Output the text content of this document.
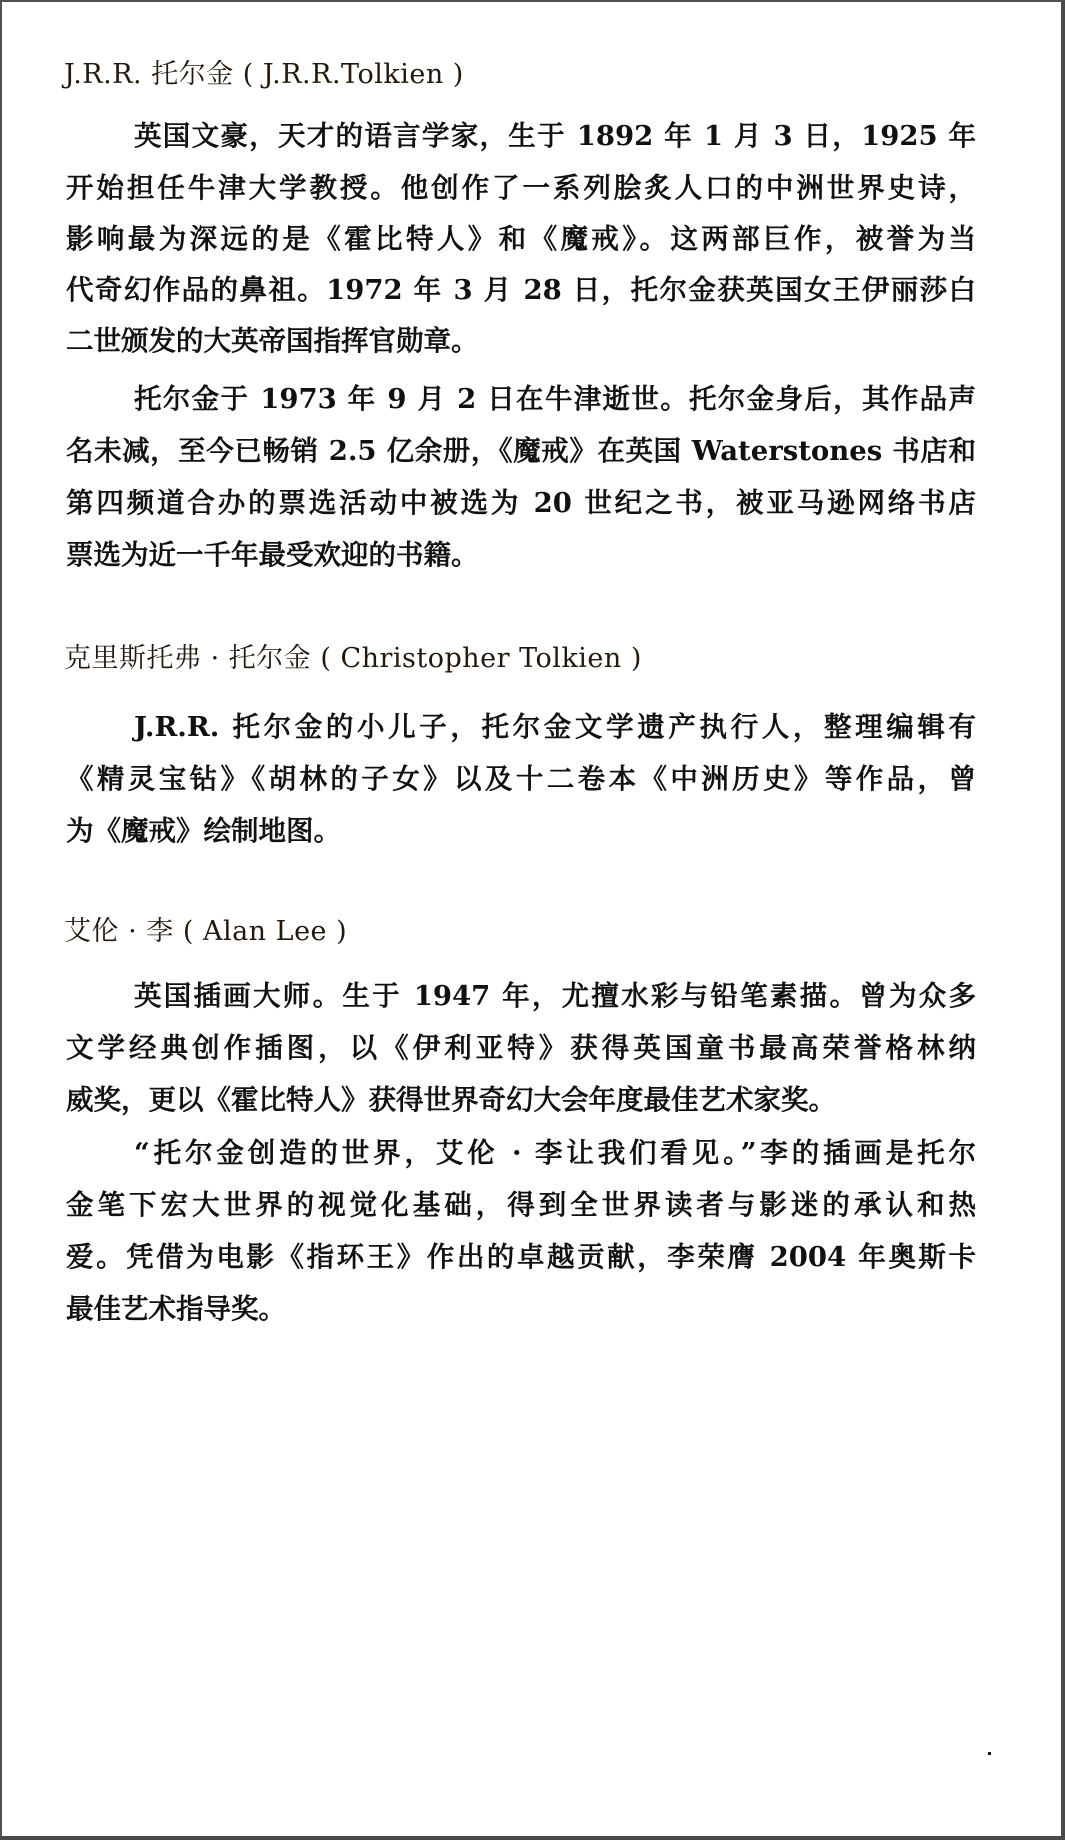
J.R.R. 托尔金 ( J.R.R.Tolkien )
英国文豪，天才的语言学家，生于 1892 年 1 月 3 日，1925 年
开始担任牛津大学教授。他创作了一系列脍炙人口的中洲世界史诗，
影响最为深远的是《霍比特人》和《魔戒》。这两部巨作，被誉为当
代奇幻作品的鼻祖。1972 年 3 月 28 日，托尔金获英国女王伊丽莎白
二世颁发的大英帝国指挥官勋章。
托尔金于 1973 年 9 月 2 日在牛津逝世。托尔金身后，其作品声
名未减，至今已畅销 2.5 亿余册，《魔戒》在英国 Waterstones 书店和
第四频道合办的票选活动中被选为 20 世纪之书，被亚马逊网络书店
票选为近一千年最受欢迎的书籍。
克里斯托弗 · 托尔金 ( Christopher Tolkien )
J.R.R. 托尔金的小儿子，托尔金文学遗产执行人，整理编辑有
《精灵宝钻》《胡林的子女》以及十二卷本《中洲历史》等作品，曾
为《魔戒》绘制地图。
艾伦 · 李 ( Alan Lee )
英国插画大师。生于 1947 年，尤擅水彩与铅笔素描。曾为众多
文学经典创作插图，以《伊利亚特》获得英国童书最高荣誉格林纳
威奖，更以《霍比特人》获得世界奇幻大会年度最佳艺术家奖。
“托尔金创造的世界，艾伦 · 李让我们看见。”李的插画是托尔
金笔下宏大世界的视觉化基础，得到全世界读者与影迷的承认和热
爱。凭借为电影《指环王》作出的卓越贡献，李荣膺 2004 年奥斯卡
最佳艺术指导奖。
